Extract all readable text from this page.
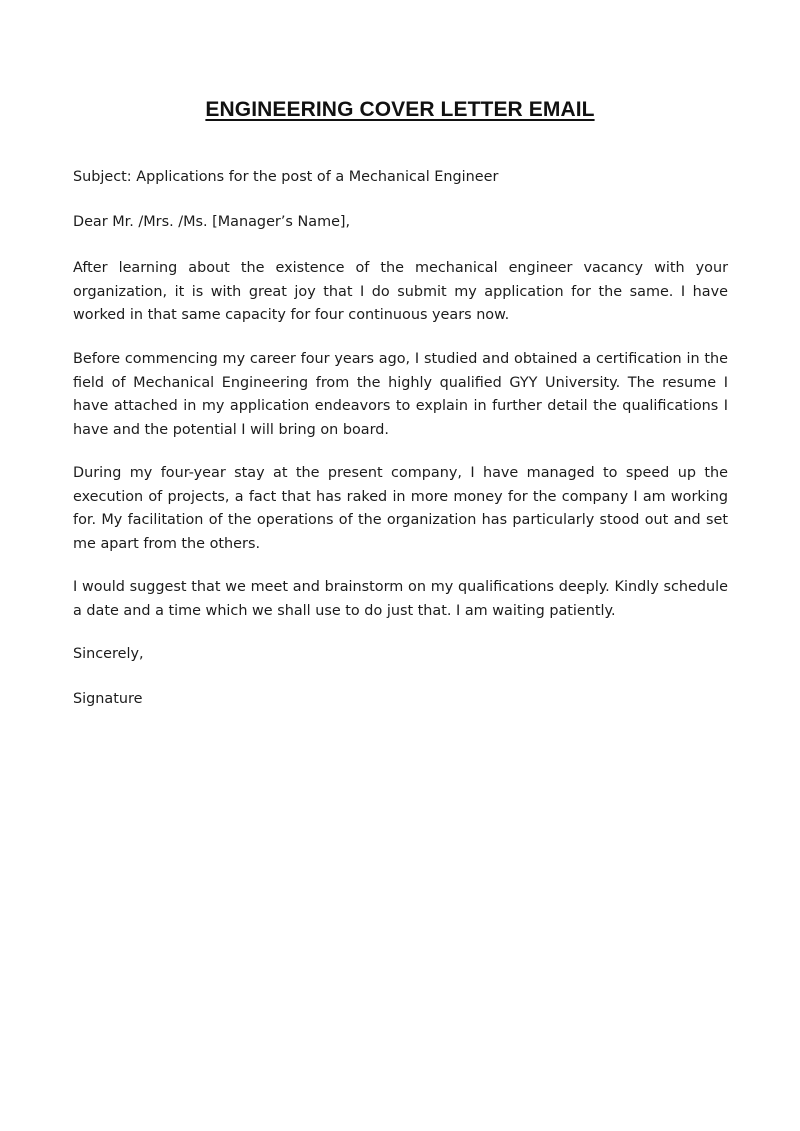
ENGINEERING COVER LETTER EMAIL

Subject: Applications for the post of a Mechanical Engineer

Dear Mr. /Mrs. /Ms. [Manager’s Name],

After learning about the existence of the mechanical engineer vacancy with your organization, it is with great joy that I do submit my application for the same. I have worked in that same capacity for four continuous years now.

Before commencing my career four years ago, I studied and obtained a certification in the field of Mechanical Engineering from the highly qualified GYY University. The resume I have attached in my application endeavors to explain in further detail the qualifications I have and the potential I will bring on board.

During my four-year stay at the present company, I have managed to speed up the execution of projects, a fact that has raked in more money for the company I am working for. My facilitation of the operations of the organization has particularly stood out and set me apart from the others.

I would suggest that we meet and brainstorm on my qualifications deeply. Kindly schedule a date and a time which we shall use to do just that. I am waiting patiently.

Sincerely,

Signature
